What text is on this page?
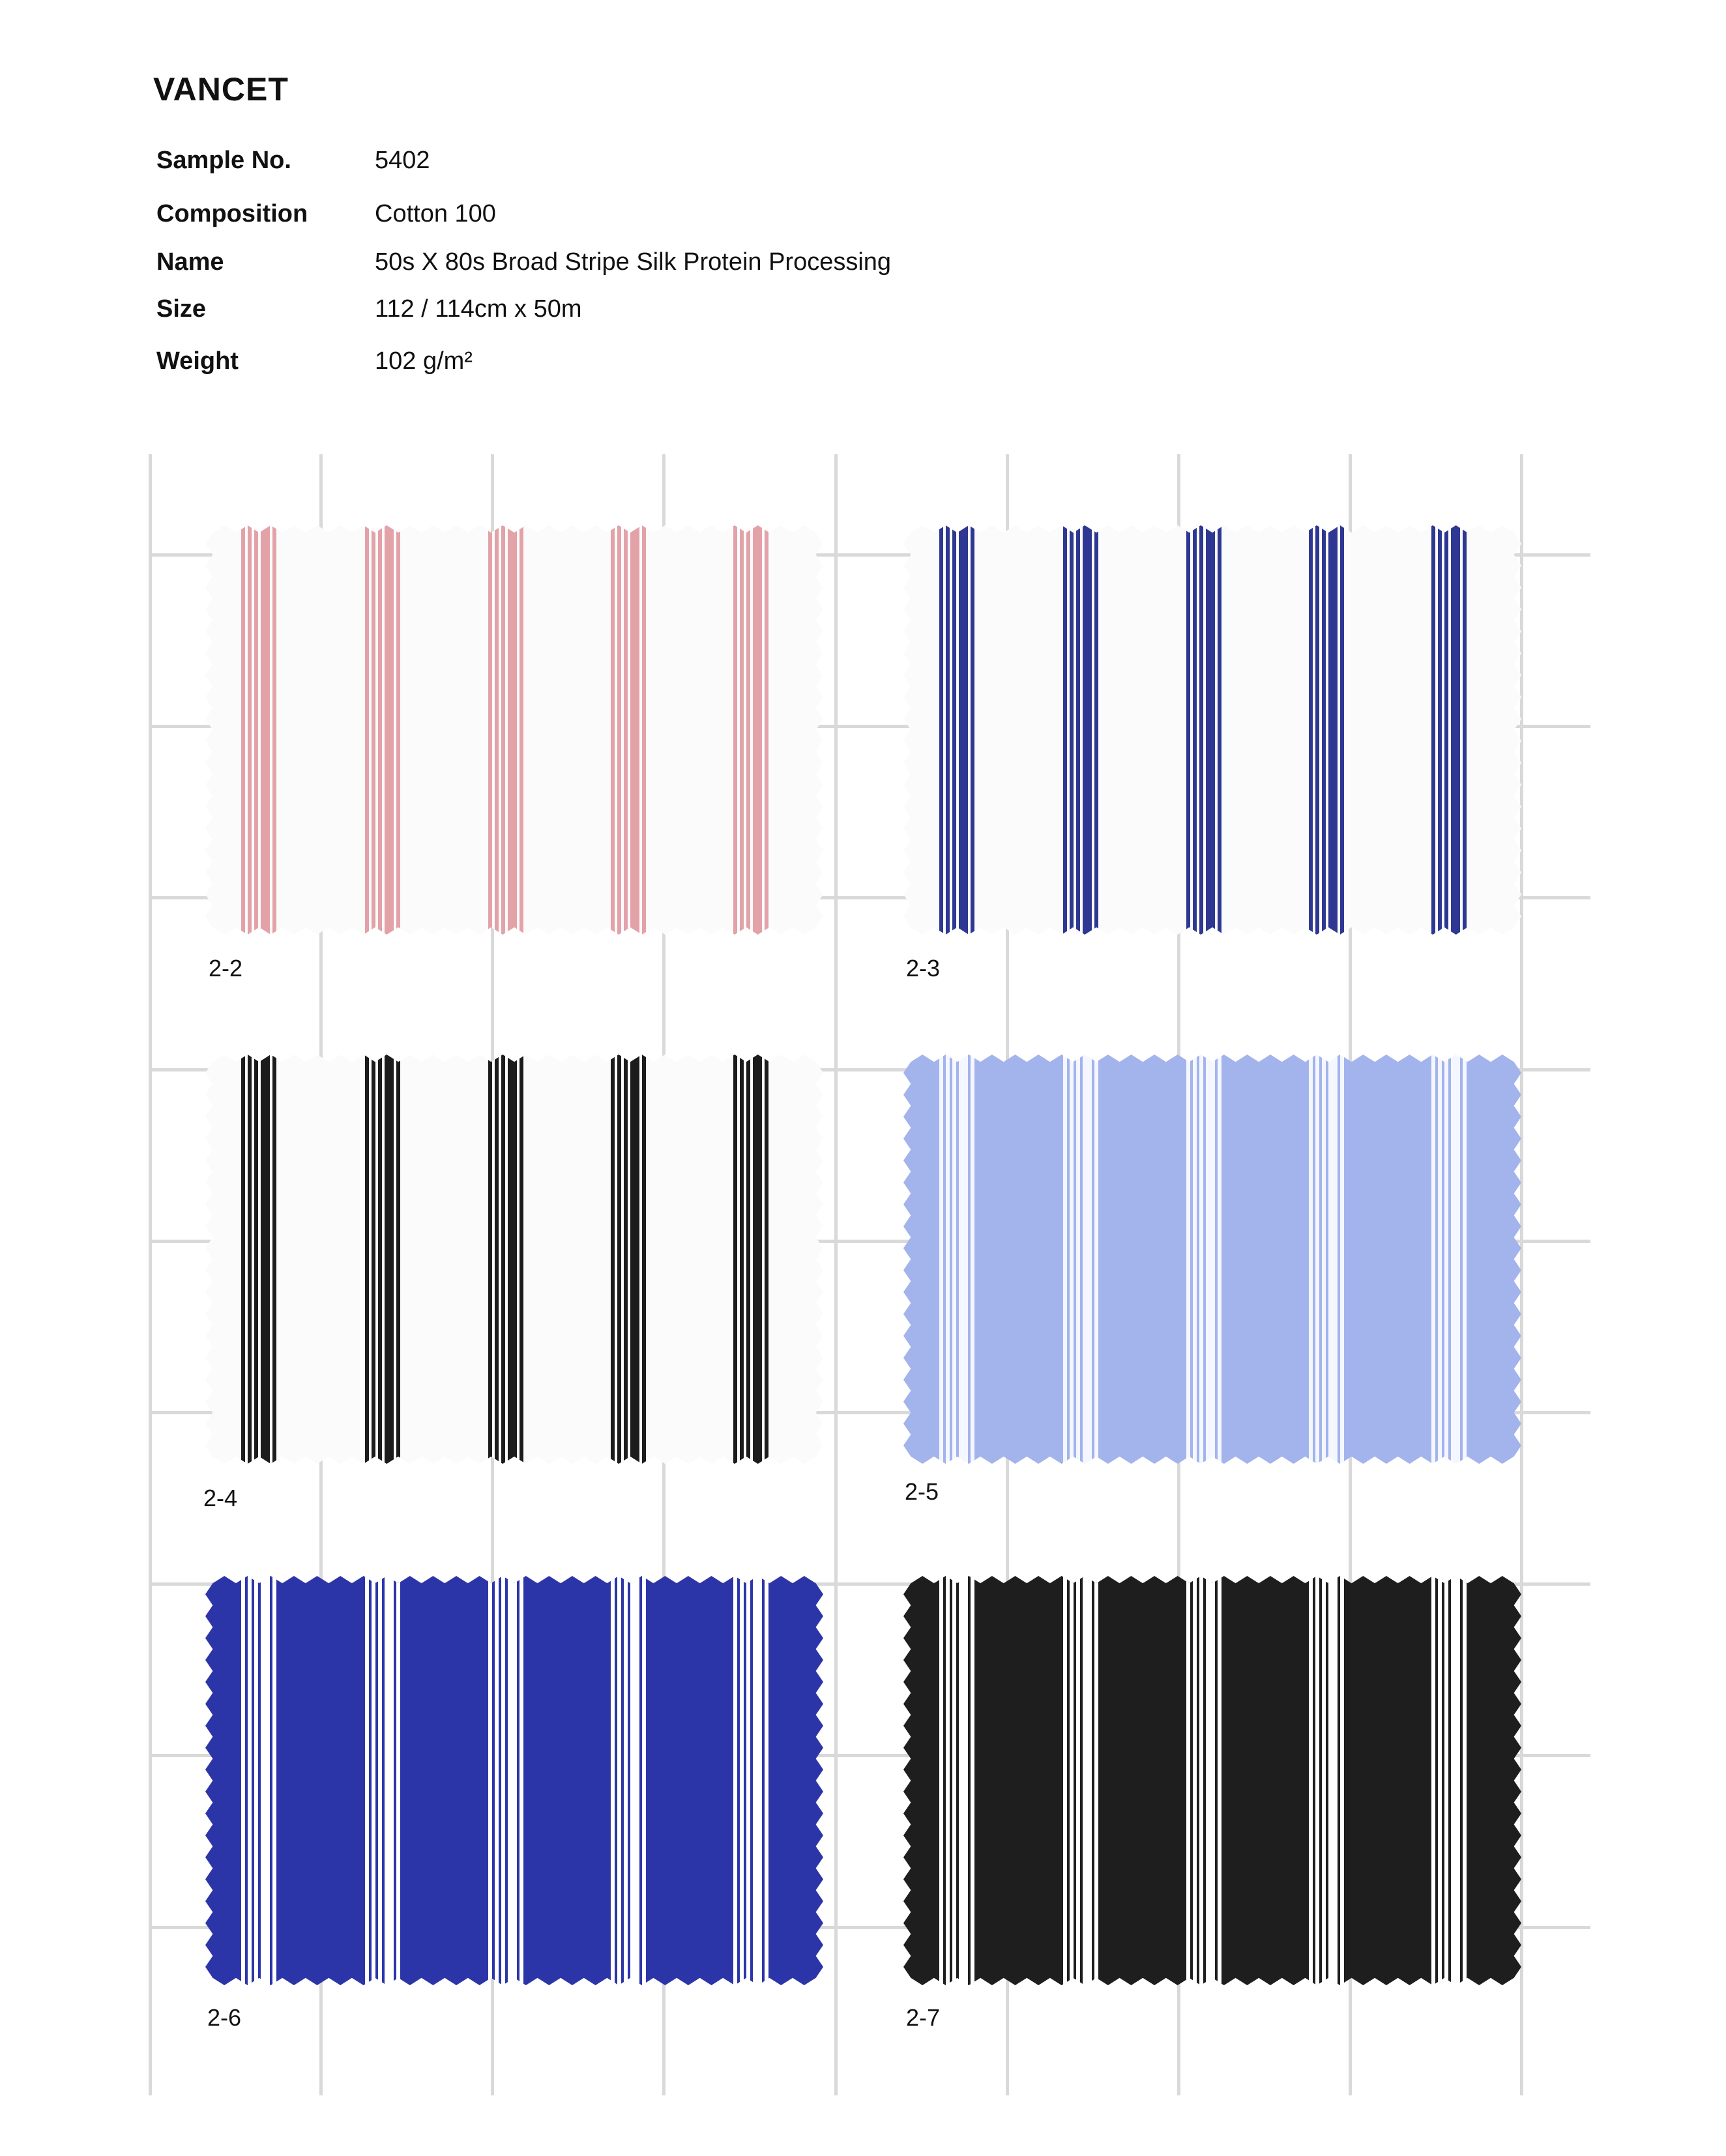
VANCET
Sample No.	5402
Composition	Cotton 100
Name	50s X 80s Broad Stripe Silk Protein Processing
Size	112 / 114cm x 50m
Weight	102 g/m²
2-2	2-3
2-4	2-5
2-6	2-7
